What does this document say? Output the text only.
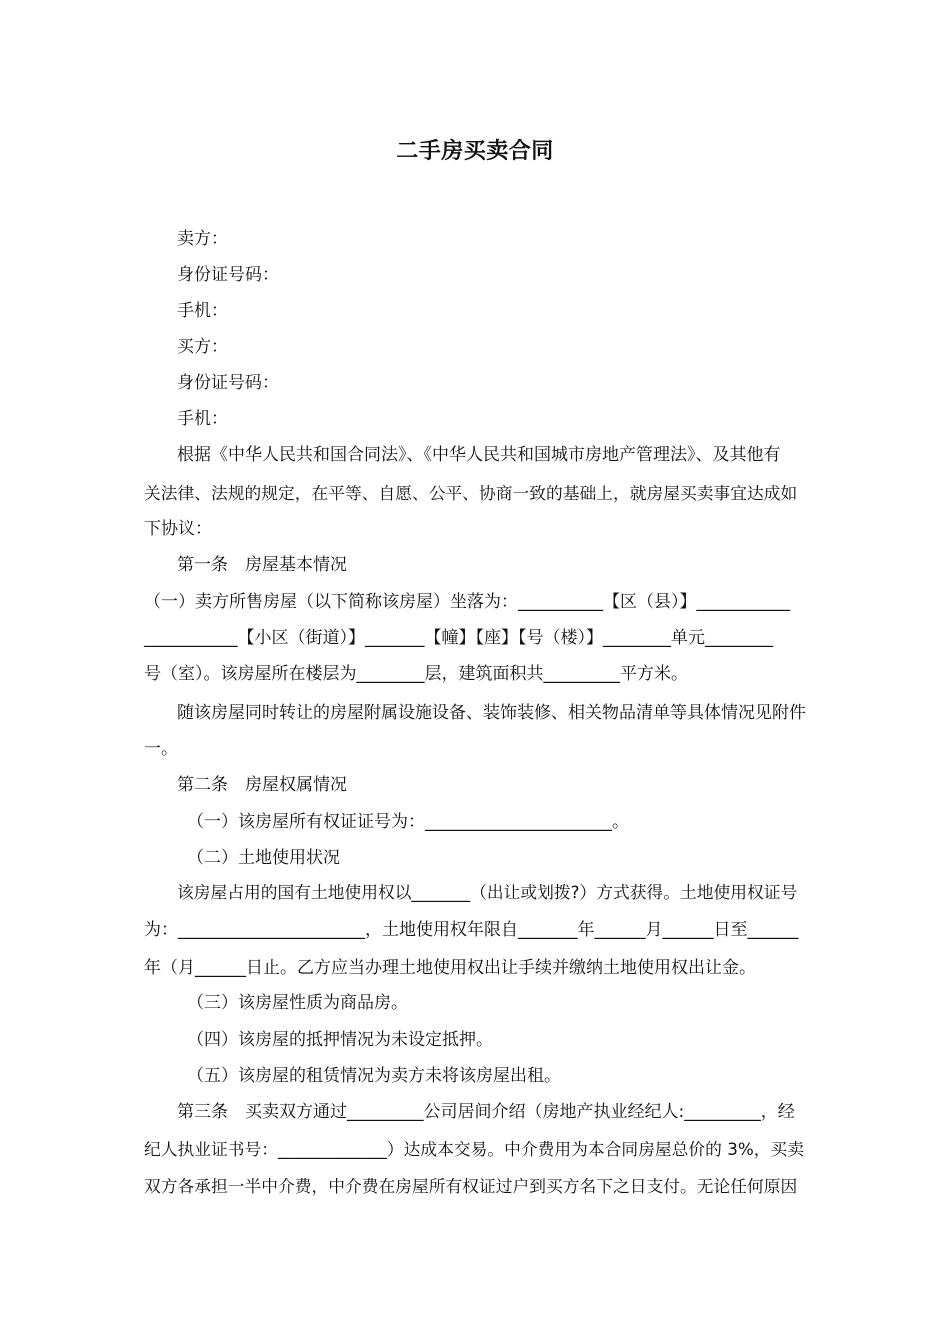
二手房买卖合同
卖方：
身份证号码：
手机：
买方：
身份证号码：
手机：
根据《中华人民共和国合同法》、《中华人民共和国城市房地产管理法》、及其他有
关法律、法规的规定，在平等、自愿、公平、协商一致的基础上，就房屋买卖事宜达成如
下协议：
第一条　房屋基本情况
（一）卖方所售房屋（以下简称该房屋）坐落为：__________【区（县）】___________
___________【小区（街道）】_______【幢】【座】【号（楼）】________单元________
号（室）。该房屋所在楼层为________层，建筑面积共_________平方米。
随该房屋同时转让的房屋附属设施设备、装饰装修、相关物品清单等具体情况见附件
一。
第二条　房屋权属情况
（一）该房屋所有权证证号为：______________________。
（二）土地使用状况
该房屋占用的国有土地使用权以_______（出让或划拨?）方式获得。土地使用权证号
为：______________________，土地使用权年限自_______年______月______日至______
年（月______日止。乙方应当办理土地使用权出让手续并缴纳土地使用权出让金。
（三）该房屋性质为商品房。
（四）该房屋的抵押情况为未设定抵押。
（五）该房屋的租赁情况为卖方未将该房屋出租。
第三条　买卖双方通过_________公司居间介绍（房地产执业经纪人:_________，经
纪人执业证书号：_____________）达成本交易。中介费用为本合同房屋总价的 3%，买卖
双方各承担一半中介费，中介费在房屋所有权证过户到买方名下之日支付。无论任何原因
